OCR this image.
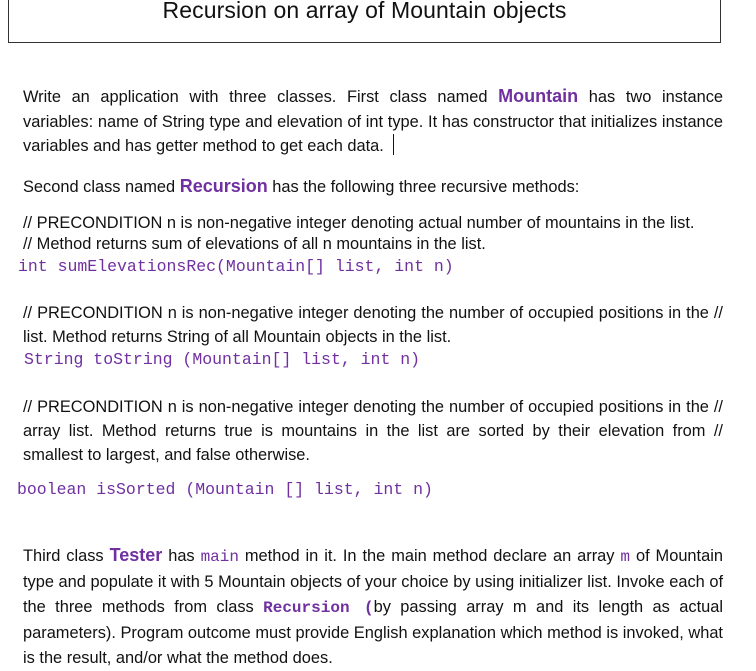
Recursion on array of Mountain objects
Write an application with three classes. First class named Mountain has two instance variables: name of String type and elevation of int type. It has constructor that initializes instance variables and has getter method to get each data.
Second class named Recursion has the following three recursive methods:
// PRECONDITION n is non-negative integer denoting actual number of mountains in the list.
// Method returns sum of elevations of all n mountains in the list.
int sumElevationsRec(Mountain[] list, int n)
// PRECONDITION n is non-negative integer denoting the number of occupied positions in the // list. Method returns String of all Mountain objects in the list.
String toString (Mountain[] list, int n)
// PRECONDITION n is non-negative integer denoting the number of occupied positions in the // array list. Method returns true is mountains in the list are sorted by their elevation from // smallest to largest, and false otherwise.
boolean isSorted (Mountain [] list, int n)
Third class Tester has main method in it. In the main method declare an array m of Mountain type and populate it with 5 Mountain objects of your choice by using initializer list. Invoke each of the three methods from class Recursion (by passing array m and its length as actual parameters). Program outcome must provide English explanation which method is invoked, what is the result, and/or what the method does.
